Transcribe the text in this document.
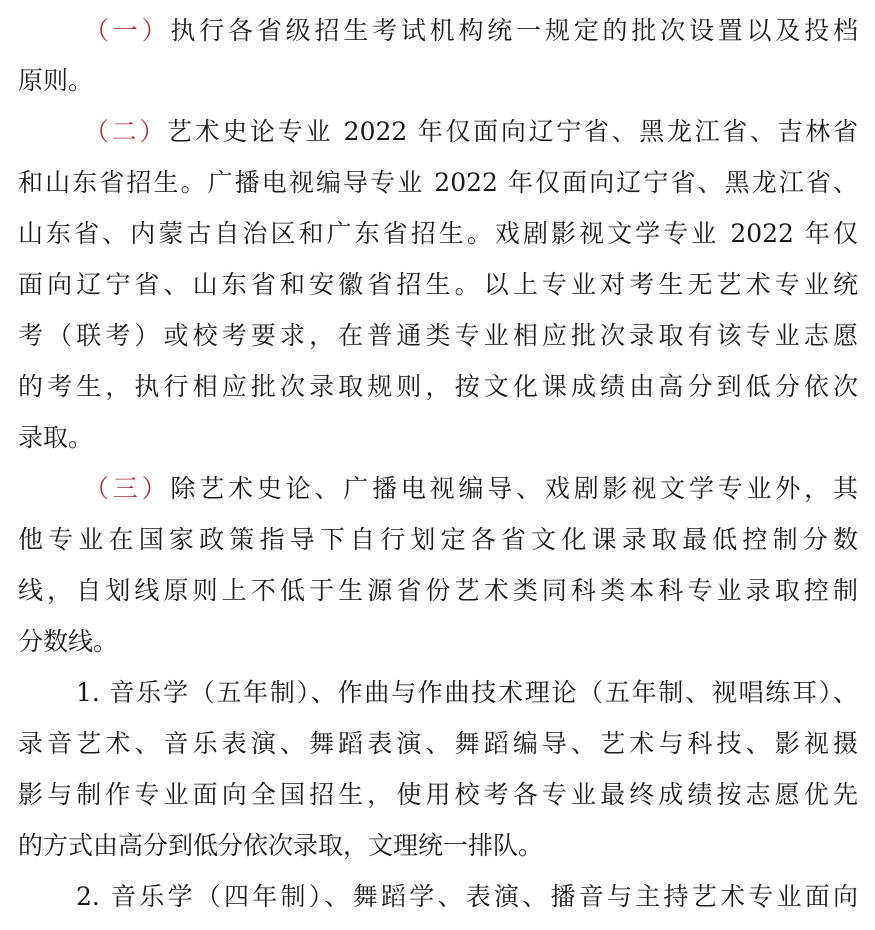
（一）执行各省级招生考试机构统一规定的批次设置以及投档
原则。
（二）艺术史论专业 2022 年仅面向辽宁省、黑龙江省、吉林省
和山东省招生。广播电视编导专业 2022 年仅面向辽宁省、黑龙江省、
山东省、内蒙古自治区和广东省招生。戏剧影视文学专业 2022 年仅
面向辽宁省、山东省和安徽省招生。以上专业对考生无艺术专业统
考（联考）或校考要求，在普通类专业相应批次录取有该专业志愿
的考生，执行相应批次录取规则，按文化课成绩由高分到低分依次
录取。
（三）除艺术史论、广播电视编导、戏剧影视文学专业外，其
他专业在国家政策指导下自行划定各省文化课录取最低控制分数
线，自划线原则上不低于生源省份艺术类同科类本科专业录取控制
分数线。
1. 音乐学（五年制）、作曲与作曲技术理论（五年制、视唱练耳）、
录音艺术、音乐表演、舞蹈表演、舞蹈编导、艺术与科技、影视摄
影与制作专业面向全国招生，使用校考各专业最终成绩按志愿优先
的方式由高分到低分依次录取，文理统一排队。
2. 音乐学（四年制）、舞蹈学、表演、播音与主持艺术专业面向
